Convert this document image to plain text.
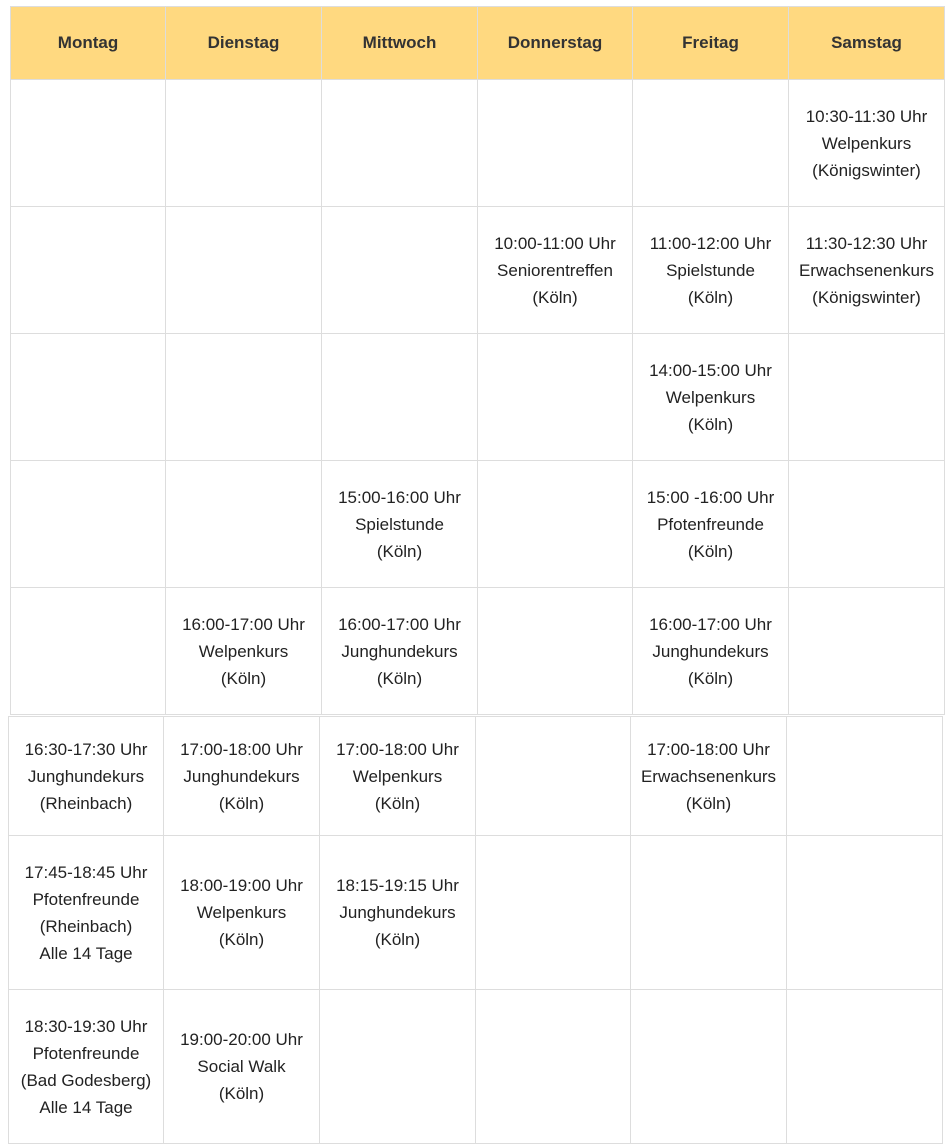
Montag	Dienstag	Mittwoch	Donnerstag	Freitag	Samstag

					10:30-11:30 Uhr
Welpenkurs
(Königswinter)

			10:00-11:00 Uhr
Seniorentreffen
(Köln)	11:00-12:00 Uhr
Spielstunde
(Köln)	11:30-12:30 Uhr
Erwachsenenkurs
(Königswinter)

				14:00-15:00 Uhr
Welpenkurs
(Köln)	

		15:00-16:00 Uhr
Spielstunde
(Köln)		15:00 -16:00 Uhr
Pfotenfreunde
(Köln)	

	16:00-17:00 Uhr
Welpenkurs
(Köln)	16:00-17:00 Uhr
Junghundekurs
(Köln)		16:00-17:00 Uhr
Junghundekurs
(Köln)	

16:30-17:30 Uhr
Junghundekurs
(Rheinbach)	17:00-18:00 Uhr
Junghundekurs
(Köln)	17:00-18:00 Uhr
Welpenkurs
(Köln)		17:00-18:00 Uhr
Erwachsenenkurs
(Köln)	

17:45-18:45 Uhr
Pfotenfreunde
(Rheinbach)
Alle 14 Tage	18:00-19:00 Uhr
Welpenkurs
(Köln)	18:15-19:15 Uhr
Junghundekurs
(Köln)			

18:30-19:30 Uhr
Pfotenfreunde
(Bad Godesberg)
Alle 14 Tage	19:00-20:00 Uhr
Social Walk
(Köln)				
